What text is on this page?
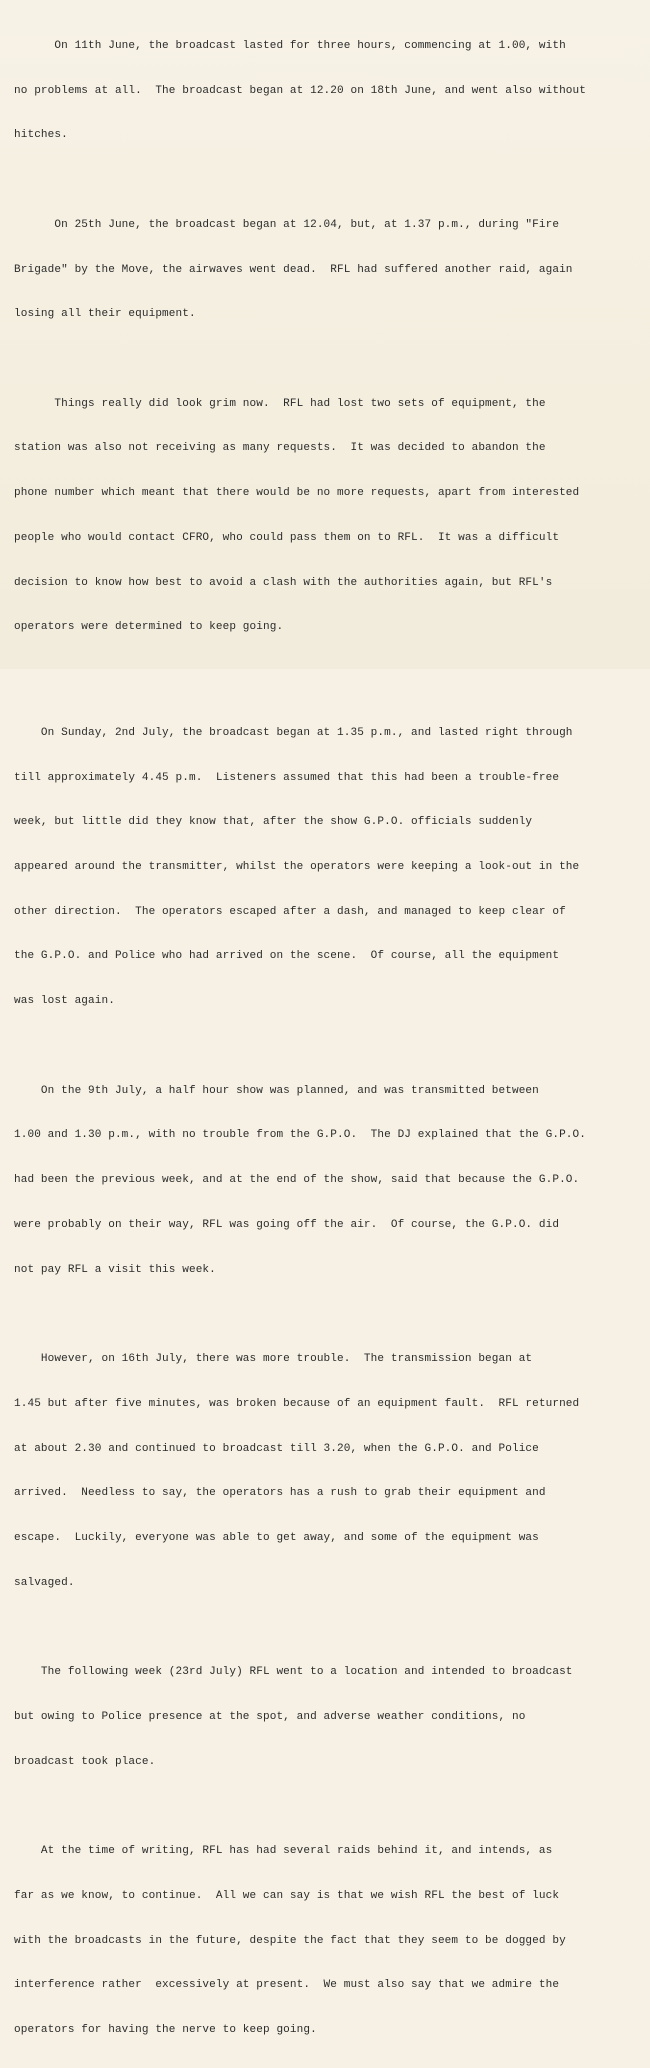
On 11th June, the broadcast lasted for three hours, commencing at 1.00, with

no problems at all.  The broadcast began at 12.20 on 18th June, and went also without

hitches.

On 25th June, the broadcast began at 12.04, but, at 1.37 p.m., during "Fire

Brigade" by the Move, the airwaves went dead.  RFL had suffered another raid, again

losing all their equipment.

Things really did look grim now.  RFL had lost two sets of equipment, the

station was also not receiving as many requests.  It was decided to abandon the

phone number which meant that there would be no more requests, apart from interested

people who would contact CFRO, who could pass them on to RFL.  It was a difficult

decision to know how best to avoid a clash with the authorities again, but RFL's

operators were determined to keep going.

On Sunday, 2nd July, the broadcast began at 1.35 p.m., and lasted right through

till approximately 4.45 p.m.  Listeners assumed that this had been a trouble-free

week, but little did they know that, after the show G.P.O. officials suddenly

appeared around the transmitter, whilst the operators were keeping a look-out in the

other direction.  The operators escaped after a dash, and managed to keep clear of

the G.P.O. and Police who had arrived on the scene.  Of course, all the equipment

was lost again.

On the 9th July, a half hour show was planned, and was transmitted between

1.00 and 1.30 p.m., with no trouble from the G.P.O.  The DJ explained that the G.P.O.

had been the previous week, and at the end of the show, said that because the G.P.O.

were probably on their way, RFL was going off the air.  Of course, the G.P.O. did

not pay RFL a visit this week.

However, on 16th July, there was more trouble.  The transmission began at

1.45 but after five minutes, was broken because of an equipment fault.  RFL returned

at about 2.30 and continued to broadcast till 3.20, when the G.P.O. and Police

arrived.  Needless to say, the operators has a rush to grab their equipment and

escape.  Luckily, everyone was able to get away, and some of the equipment was

salvaged.

The following week (23rd July) RFL went to a location and intended to broadcast

but owing to Police presence at the spot, and adverse weather conditions, no

broadcast took place.

At the time of writing, RFL has had several raids behind it, and intends, as

far as we know, to continue.  All we can say is that we wish RFL the best of luck

with the broadcasts in the future, despite the fact that they seem to be dogged by

interference rather  excessively at present.  We must also say that we admire the

operators for having the nerve to keep going.
